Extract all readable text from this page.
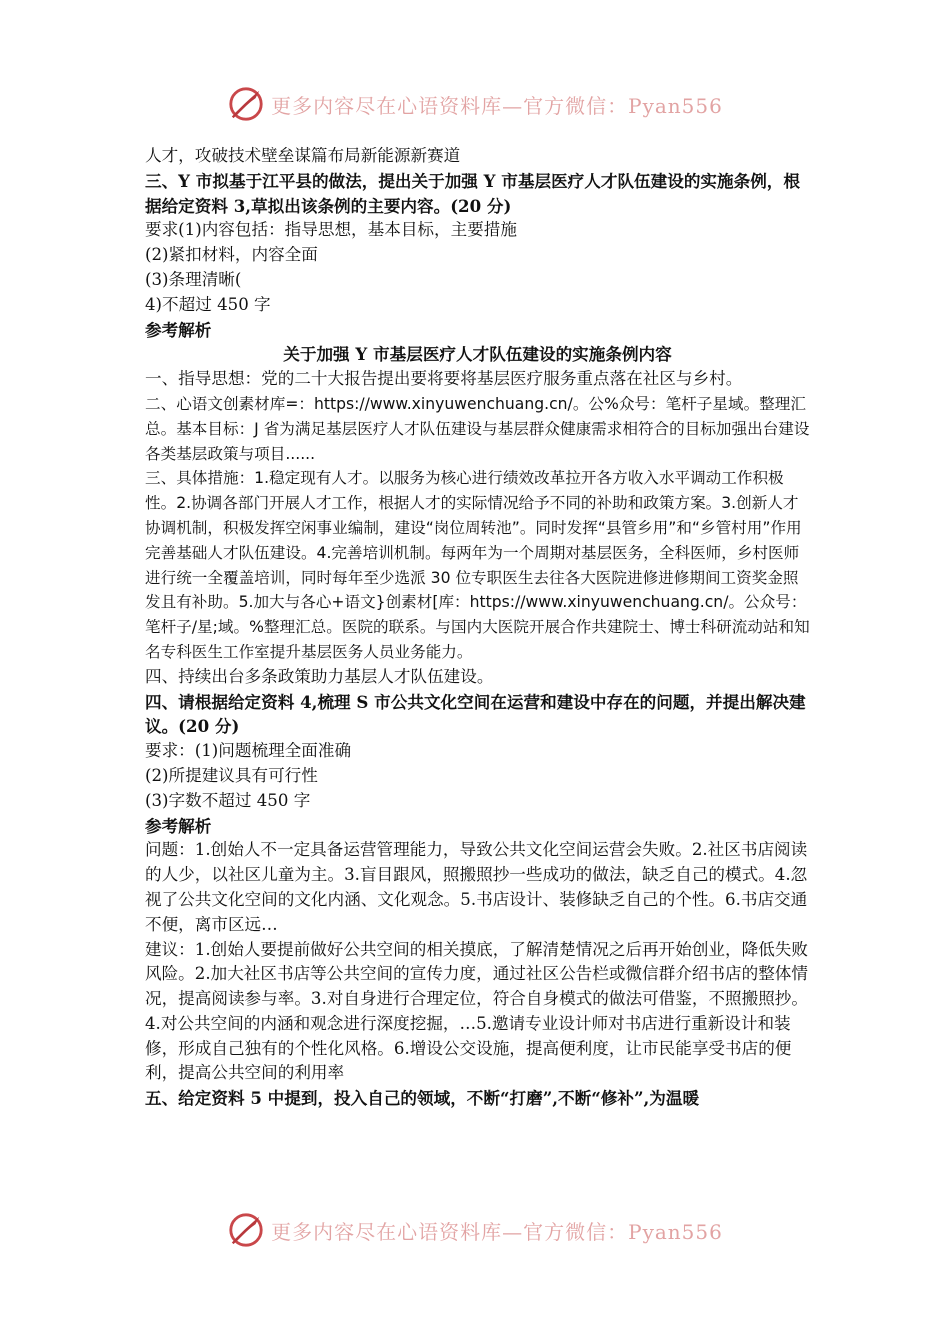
更多内容尽在心语资料库—官方微信：Pyan556

人才，攻破技术壁垒谋篇布局新能源新赛道

三、Y 市拟基于江平县的做法，提出关于加强 Y 市基层医疗人才队伍建设的实施条例，根据给定资料 3,草拟出该条例的主要内容。(20 分)

要求(1)内容包括：指导思想，基本目标，主要措施

(2)紧扣材料，内容全面

(3)条理清晰(

4)不超过 450 字

参考解析

关于加强 Y 市基层医疗人才队伍建设的实施条例内容

一、指导思想：党的二十大报告提出要将要将基层医疗服务重点落在社区与乡村。

二、心语文创素材库=：https://www.xinyuwenchuang.cn/。公%众号：笔杆子星域。整理汇总。基本目标：J 省为满足基层医疗人才队伍建设与基层群众健康需求相符合的目标加强出台建设各类基层政策与项目......

三、具体措施：1.稳定现有人才。以服务为核心进行绩效改革拉开各方收入水平调动工作积极性。2.协调各部门开展人才工作，根据人才的实际情况给予不同的补助和政策方案。3.创新人才协调机制，积极发挥空闲事业编制，建设“岗位周转池”。同时发挥“县管乡用”和“乡管村用”作用完善基础人才队伍建设。4.完善培训机制。每两年为一个周期对基层医务，全科医师，乡村医师进行统一全覆盖培训，同时每年至少选派 30 位专职医生去往各大医院进修进修期间工资奖金照发且有补助。5.加大与各心+语文}创素材[库：https://www.xinyuwenchuang.cn/。公众号：笔杆子/星;域。%整理汇总。医院的联系。与国内大医院开展合作共建院士、博士科研流动站和知名专科医生工作室提升基层医务人员业务能力。

四、持续出台多条政策助力基层人才队伍建设。

四、请根据给定资料 4,梳理 S 市公共文化空间在运营和建设中存在的问题，并提出解决建议。(20 分)

要求：(1)问题梳理全面准确

(2)所提建议具有可行性

(3)字数不超过 450 字

参考解析

问题：1.创始人不一定具备运营管理能力，导致公共文化空间运营会失败。2.社区书店阅读的人少，以社区儿童为主。3.盲目跟风，照搬照抄一些成功的做法，缺乏自己的模式。4.忽视了公共文化空间的文化内涵、文化观念。5.书店设计、装修缺乏自己的个性。6.书店交通不便，离市区远…

建议：1.创始人要提前做好公共空间的相关摸底，了解清楚情况之后再开始创业，降低失败风险。2.加大社区书店等公共空间的宣传力度，通过社区公告栏或微信群介绍书店的整体情况，提高阅读参与率。3.对自身进行合理定位，符合自身模式的做法可借鉴，不照搬照抄。4.对公共空间的内涵和观念进行深度挖掘，…5.邀请专业设计师对书店进行重新设计和装修，形成自己独有的个性化风格。6.增设公交设施，提高便利度，让市民能享受书店的便利，提高公共空间的利用率

五、给定资料 5 中提到，投入自己的领域，不断“打磨”,不断“修补”,为温暖

更多内容尽在心语资料库—官方微信：Pyan556
